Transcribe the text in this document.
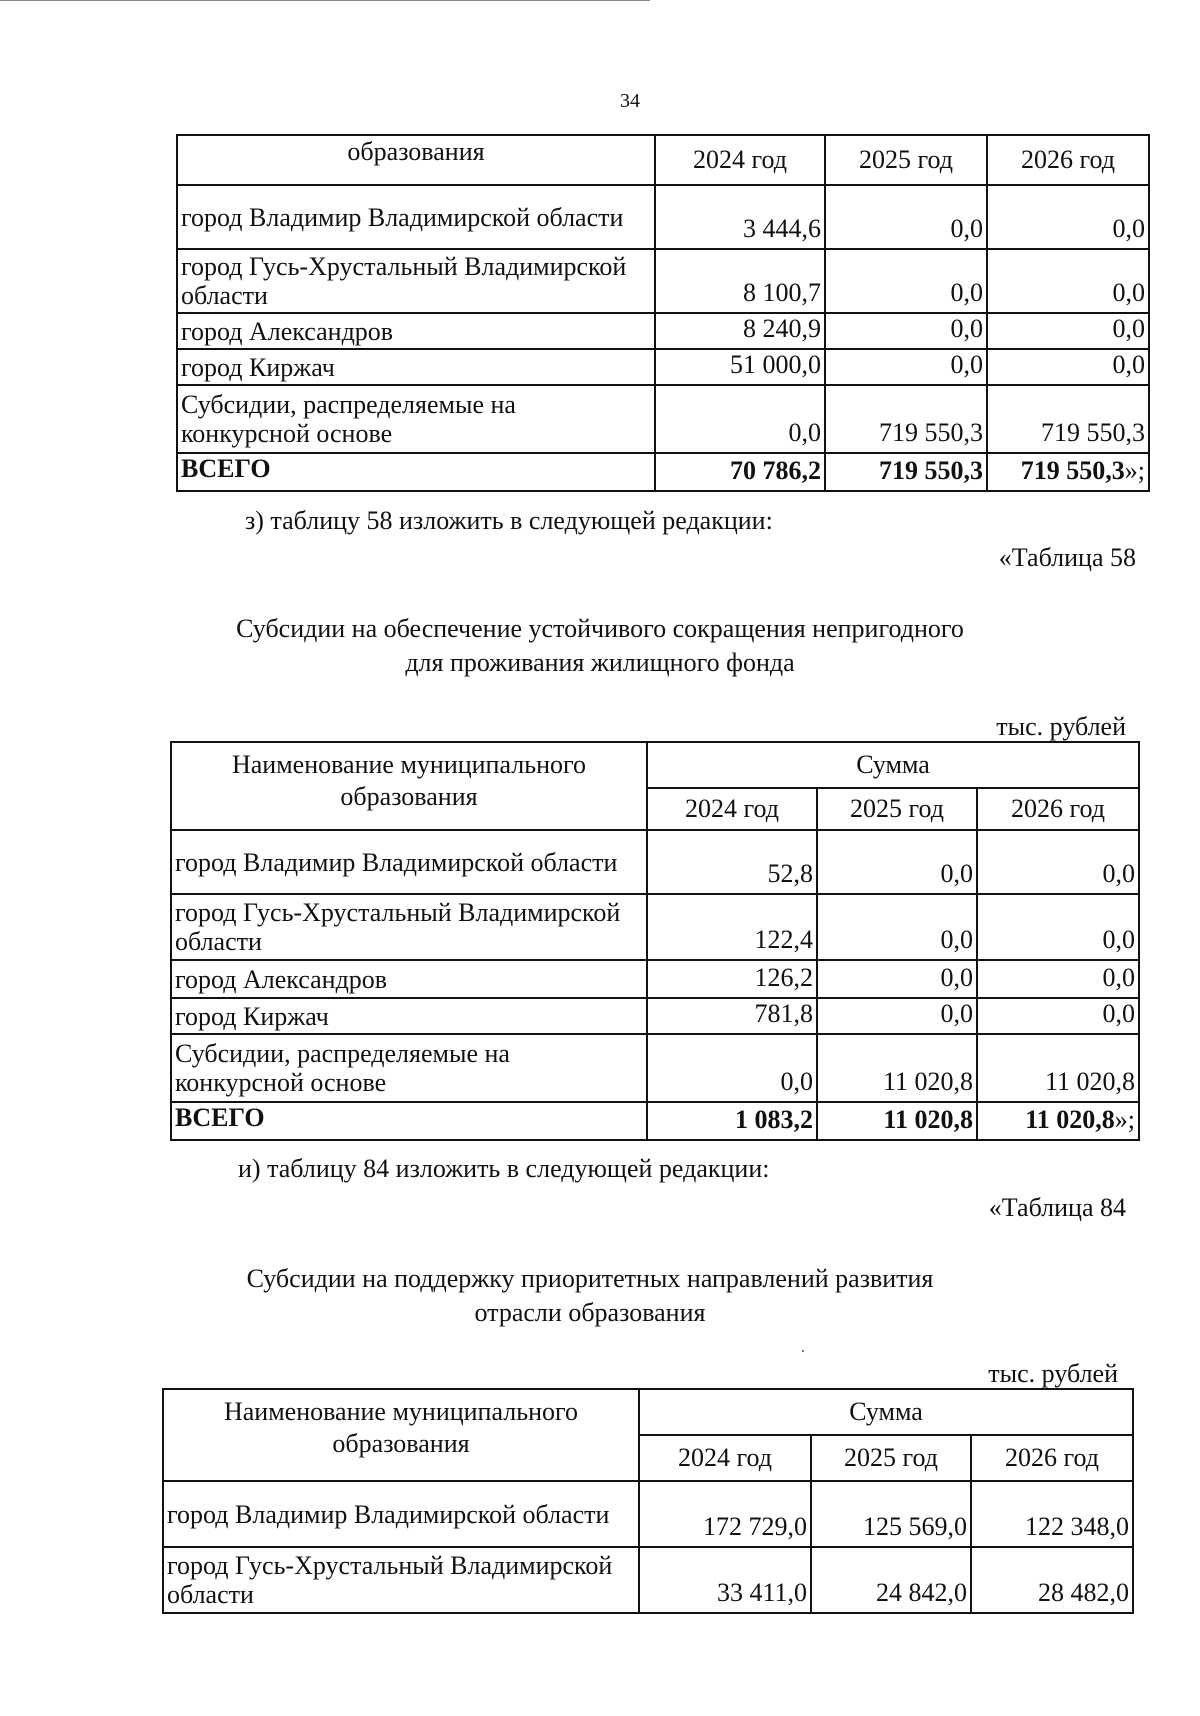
34
образования	2024 год	2025 год	2026 год
город Владимир Владимирской области	3 444,6	0,0	0,0
город Гусь-Хрустальный Владимирской области	8 100,7	0,0	0,0
город Александров	8 240,9	0,0	0,0
город Киржач	51 000,0	0,0	0,0
Субсидии, распределяемые на конкурсной основе	0,0	719 550,3	719 550,3
ВСЕГО	70 786,2	719 550,3	719 550,3»;
з) таблицу 58 изложить в следующей редакции:
«Таблица 58
Субсидии на обеспечение устойчивого сокращения непригодного для проживания жилищного фонда
тыс. рублей
Наименование муниципального образования	Сумма		
	2024 год	2025 год	2026 год
город Владимир Владимирской области	52,8	0,0	0,0
город Гусь-Хрустальный Владимирской области	122,4	0,0	0,0
город Александров	126,2	0,0	0,0
город Киржач	781,8	0,0	0,0
Субсидии, распределяемые на конкурсной основе	0,0	11 020,8	11 020,8
ВСЕГО	1 083,2	11 020,8	11 020,8»;
и) таблицу 84 изложить в следующей редакции:
«Таблица 84
Субсидии на поддержку приоритетных направлений развития отрасли образования
тыс. рублей
Наименование муниципального образования	Сумма		
	2024 год	2025 год	2026 год
город Владимир Владимирской области	172 729,0	125 569,0	122 348,0
город Гусь-Хрустальный Владимирской области	33 411,0	24 842,0	28 482,0
